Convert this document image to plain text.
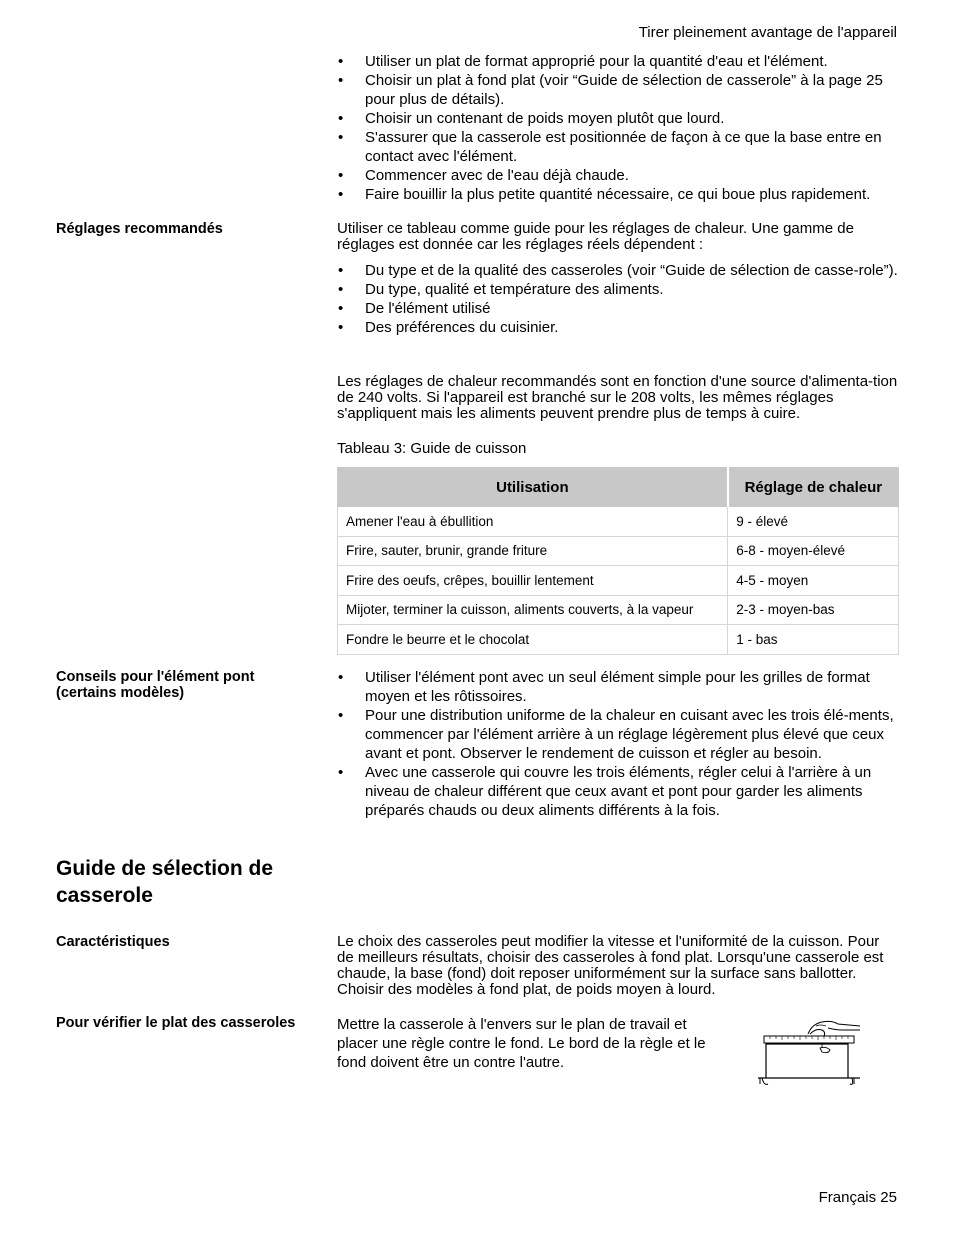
Tirer pleinement avantage de l'appareil
• Utiliser un plat de format approprié pour la quantité d'eau et l'élément.
• Choisir un plat à fond plat (voir “Guide de sélection de casserole” à la page 25 pour plus de détails).
• Choisir un contenant de poids moyen plutôt que lourd.
• S'assurer que la casserole est positionnée de façon à ce que la base entre en contact avec l'élément.
• Commencer avec de l'eau déjà chaude.
• Faire bouillir la plus petite quantité nécessaire, ce qui boue plus rapidement.
Réglages recommandés	Utiliser ce tableau comme guide pour les réglages de chaleur. Une gamme de réglages est donnée car les réglages réels dépendent :

• Du type et de la qualité des casseroles (voir “Guide de sélection de casse-role”).
• Du type, qualité et température des aliments.
• De l'élément utilisé
• Des préférences du cuisinier.

Les réglages de chaleur recommandés sont en fonction d'une source d'alimenta-tion de 240 volts. Si l'appareil est branché sur le 208 volts, les mêmes réglages s'appliquent mais les aliments peuvent prendre plus de temps à cuire.

Tableau 3: Guide de cuisson
Utilisation	Réglage de chaleur
Amener l'eau à ébullition	9 - élevé
Frire, sauter, brunir, grande friture	6-8 - moyen-élevé
Frire des oeufs, crêpes, bouillir lentement	4-5 - moyen
Mijoter, terminer la cuisson, aliments couverts, à la vapeur	2-3 - moyen-bas
Fondre le beurre et le chocolat	1 - bas
Conseils pour l'élément pont
(certains modèles)
• Utiliser l'élément pont avec un seul élément simple pour les grilles de format moyen et les rôtissoires.
• Pour une distribution uniforme de la chaleur en cuisant avec les trois élé-ments, commencer par l'élément arrière à un réglage légèrement plus élevé que ceux avant et pont. Observer le rendement de cuisson et régler au besoin.
• Avec une casserole qui couvre les trois éléments, régler celui à l'arrière à un niveau de chaleur différent que ceux avant et pont pour garder les aliments préparés chauds ou deux aliments différents à la fois.
Guide de sélection de
casserole
Caractéristiques	Le choix des casseroles peut modifier la vitesse et l'uniformité de la cuisson. Pour de meilleurs résultats, choisir des casseroles à fond plat. Lorsqu'une casserole est chaude, la base (fond) doit reposer uniformément sur la surface sans ballotter. Choisir des modèles à fond plat, de poids moyen à lourd.

Pour vérifier le plat des casseroles	Mettre la casserole à l'envers sur le plan de travail et placer une règle contre le fond. Le bord de la règle et le fond doivent être un contre l'autre.

Français 25
